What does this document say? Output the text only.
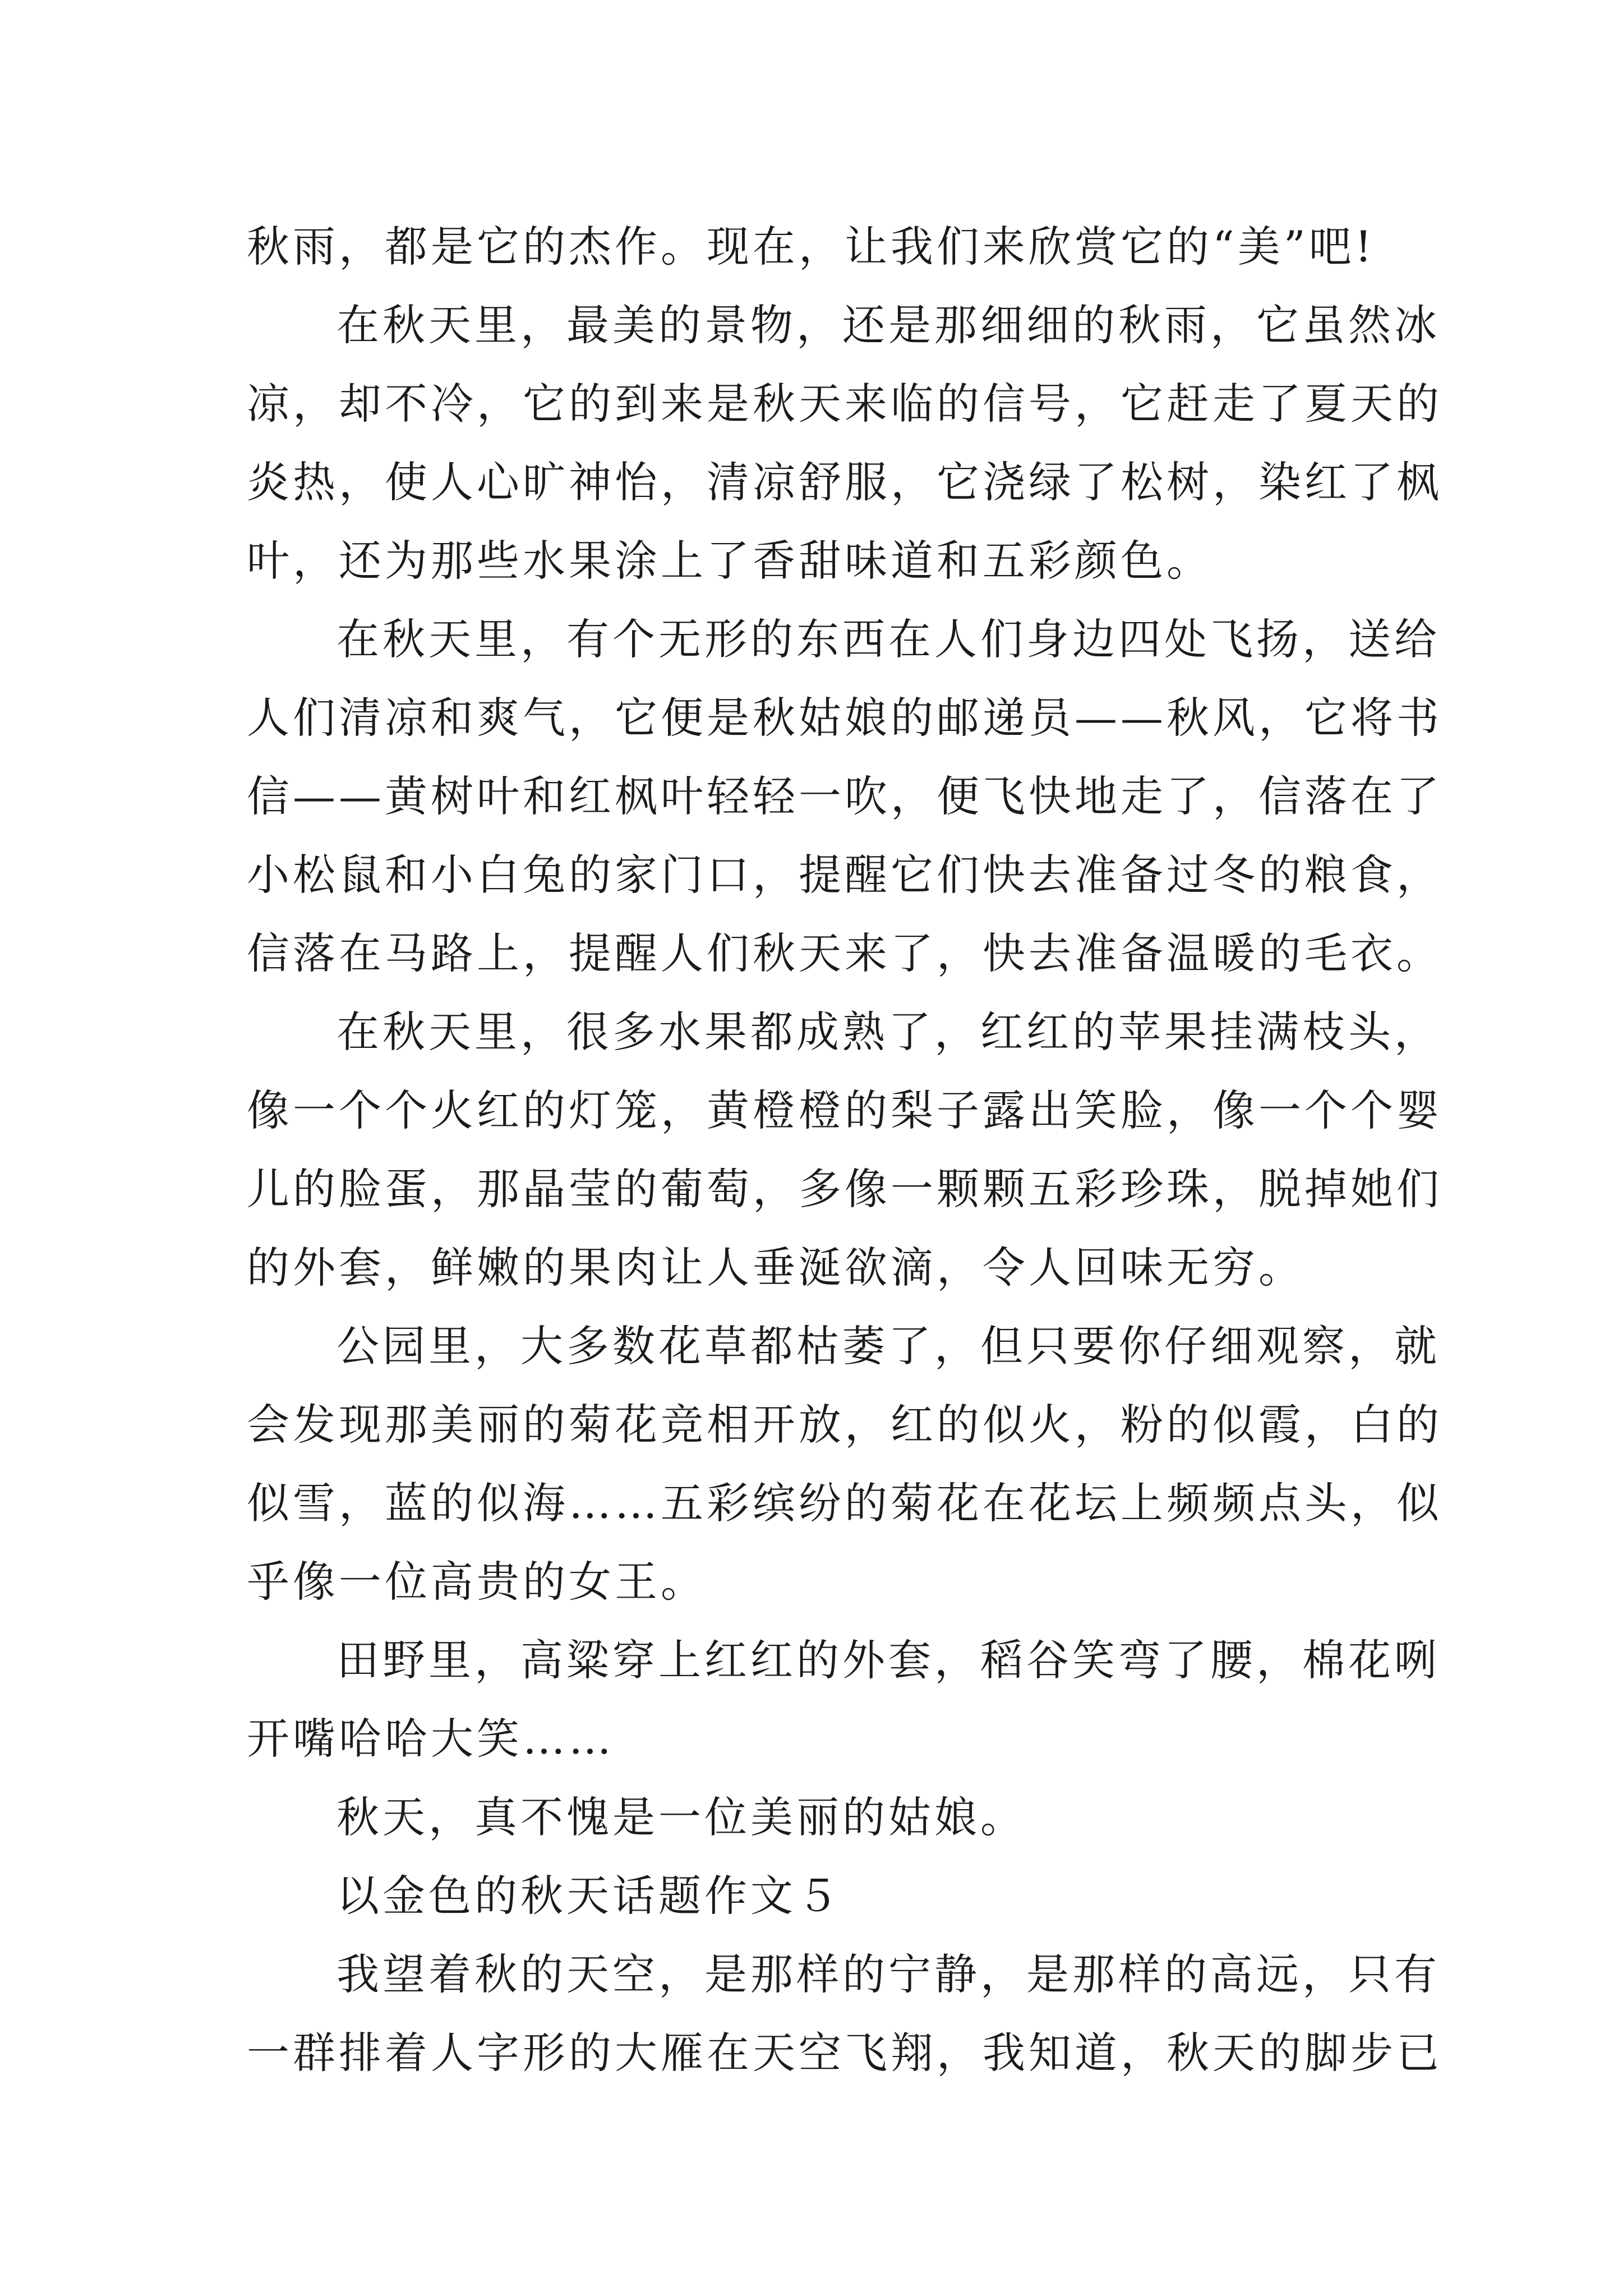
秋雨，都是它的杰作。现在，让我们来欣赏它的“美”吧!
在秋天里，最美的景物，还是那细细的秋雨，它虽然冰
凉，却不冷，它的到来是秋天来临的信号，它赶走了夏天的
炎热，使人心旷神怡，清凉舒服，它浇绿了松树，染红了枫
叶，还为那些水果涂上了香甜味道和五彩颜色。
在秋天里，有个无形的东西在人们身边四处飞扬，送给
人们清凉和爽气，它便是秋姑娘的邮递员——秋风，它将书
信——黄树叶和红枫叶轻轻一吹，便飞快地走了，信落在了
小松鼠和小白兔的家门口，提醒它们快去准备过冬的粮食，
信落在马路上，提醒人们秋天来了，快去准备温暖的毛衣。
在秋天里，很多水果都成熟了，红红的苹果挂满枝头，
像一个个火红的灯笼，黄橙橙的梨子露出笑脸，像一个个婴
儿的脸蛋，那晶莹的葡萄，多像一颗颗五彩珍珠，脱掉她们
的外套，鲜嫩的果肉让人垂涎欲滴，令人回味无穷。
公园里，大多数花草都枯萎了，但只要你仔细观察，就
会发现那美丽的菊花竞相开放，红的似火，粉的似霞，白的
似雪，蓝的似海……五彩缤纷的菊花在花坛上频频点头，似
乎像一位高贵的女王。
田野里，高粱穿上红红的外套，稻谷笑弯了腰，棉花咧
开嘴哈哈大笑……
秋天，真不愧是一位美丽的姑娘。
以金色的秋天话题作文５
我望着秋的天空，是那样的宁静，是那样的高远，只有
一群排着人字形的大雁在天空飞翔，我知道，秋天的脚步已
